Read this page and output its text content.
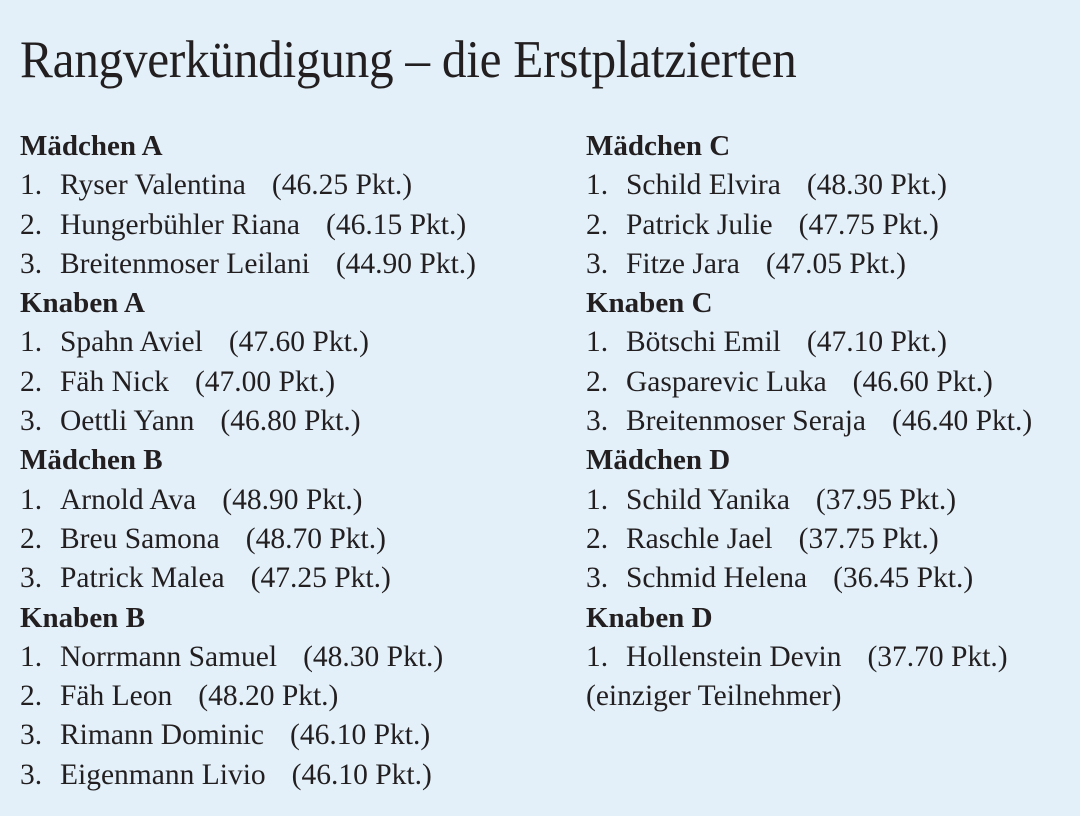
Rangverkündigung – die Erstplatzierten
Mädchen A
1. Ryser Valentina (46.25 Pkt.)
2. Hungerbühler Riana (46.15 Pkt.)
3. Breitenmoser Leilani (44.90 Pkt.)
Knaben A
1. Spahn Aviel (47.60 Pkt.)
2. Fäh Nick (47.00 Pkt.)
3. Oettli Yann (46.80 Pkt.)
Mädchen B
1. Arnold Ava (48.90 Pkt.)
2. Breu Samona (48.70 Pkt.)
3. Patrick Malea (47.25 Pkt.)
Knaben B
1. Norrmann Samuel (48.30 Pkt.)
2. Fäh Leon (48.20 Pkt.)
3. Rimann Dominic (46.10 Pkt.)
3. Eigenmann Livio (46.10 Pkt.)
Mädchen C
1. Schild Elvira (48.30 Pkt.)
2. Patrick Julie (47.75 Pkt.)
3. Fitze Jara (47.05 Pkt.)
Knaben C
1. Bötschi Emil (47.10 Pkt.)
2. Gasparevic Luka (46.60 Pkt.)
3. Breitenmoser Seraja (46.40 Pkt.)
Mädchen D
1. Schild Yanika (37.95 Pkt.)
2. Raschle Jael (37.75 Pkt.)
3. Schmid Helena (36.45 Pkt.)
Knaben D
1. Hollenstein Devin (37.70 Pkt.)
(einziger Teilnehmer)
